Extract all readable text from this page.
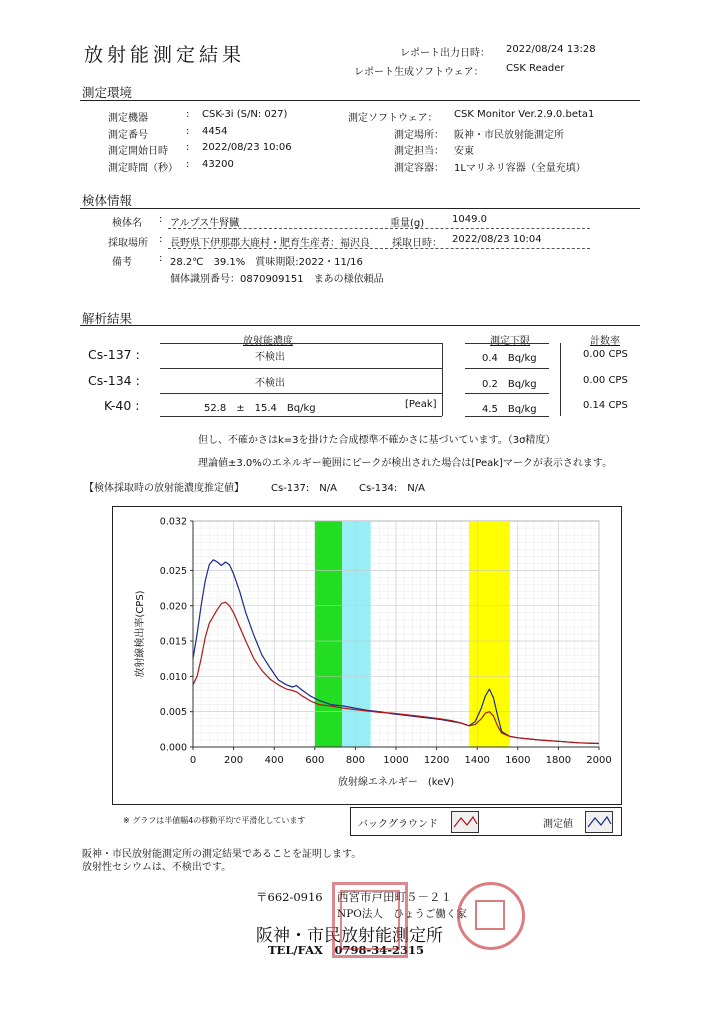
放射能測定結果	レポート出力日時： 2022/08/24 13:28
レポート生成ソフトウェア： CSK Reader
測定環境
測定機器	: CSK-3i (S/N: 027)
測定番号	: 4454
測定開始日時 : 2022/08/23 10:06
測定時間（秒） : 43200
測定ソフトウェア： CSK Monitor Ver.2.9.0.beta1
測定場所： 阪神・市民放射能測定所
測定担当： 安東
測定容器： 1Lマリネリ容器（全量充填）
検体情報
検体名 : アルプス牛腎臓	重量(g)	1049.0
採取場所 : 長野県下伊那郡大鹿村・肥育生産者：福沢良 採取日時： 2022/08/23 10:04
備考	: 28.2℃　39.1%　賞味期限:2022・11/16
個体識別番号：0870909151　まあの様依頼品
解析結果
放射能濃度	測定下限	計数率
Cs-137 :	不検出	0.4　Bq/kg	0.00 CPS
Cs-134 :	不検出	0.2　Bq/kg	0.00 CPS
K-40 :	52.8　±　15.4　Bq/kg	[Peak]	4.5　Bq/kg	0.14 CPS
但し、不確かさはk=3を掛けた合成標準不確かさに基づいています。（3σ精度）
理論値±3.0%のエネルギー範囲にピークが検出された場合は[Peak]マークが表示されます。
【検体採取時の放射能濃度推定値】	Cs-137:　N/A Cs-134:　N/A
0	200 400 600 800 1000 1200 1400 1600 1800 2000
0.000
0.005
0.010
0.015
0.020
0.025
0.032
放射線エネルギー　(keV)
放射線検出率(CPS)
※ グラフは半値幅4の移動平均で平滑化しています	バックグラウンド	測定値
阪神・市民放射能測定所の測定結果であることを証明します。
放射性セシウムは、不検出です。
〒662-0916 西宮市戸田町５－２１
NPO法人　ひょうご働く家
阪神・市民放射能測定所
TEL/FAX　0798-34-2315
